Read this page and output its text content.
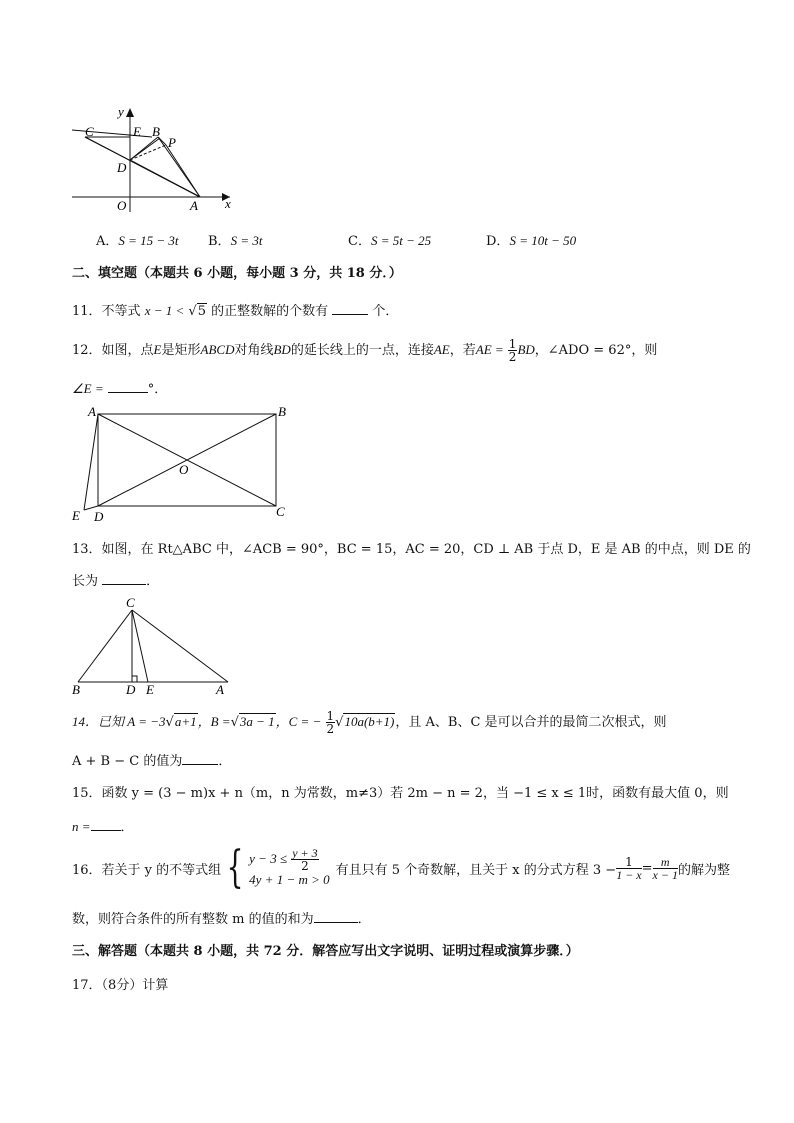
y
x
C	E B
P
D
O	A
A．S = 15 − 3t B．S = 3t	C．S = 5t − 25	D．S = 10t − 50
二、填空题（本题共 6 小题，每小题 3 分，共 18 分．）
11．不等式 x − 1 < √5 的正整数解的个数有	个．
12．如图，点E是矩形ABCD对角线BD的延长线上的一点，连接AE，若AE = $\frac{1}{2}$ BD，∠ADO = 62°，则
∠E =	°．
A	B
O
E D	C
13．如图，在 Rt△ABC 中，∠ACB = 90°，BC = 15，AC = 20，CD ⊥ AB 于点 D，E 是 AB 的中点，则 DE 的
长为	．
C
B	D E	A
14．已知 A = −3√a+1，B =√3a − 1，C = − $\frac{1}{2} √10a(b+1)$，且 A、B、C 是可以合并的最简二次根式，则
A + B − C 的值为	．
15．函数 y = (3 − m)x + n（m，n 为常数，m≠3）若 2m − n = 2，当 −1 ≤ x ≤ 1时，函数有最大值 0，则
n = ．
16．若关于 y 的不等式组 { $y - 3 \le \frac{y + 3}{2}$
4y + 1 − m > 0
有且只有 5 个奇数解，且关于 x 的分式方程 $3 - \frac{1}{1 - x} = \frac{m}{x - 1}$ 的解为整
数，则符合条件的所有整数 m 的值的和为	．
三、解答题（本题共 8 小题，共 72 分．解答应写出文字说明、证明过程或演算步骤．）
17．（8分）计算
